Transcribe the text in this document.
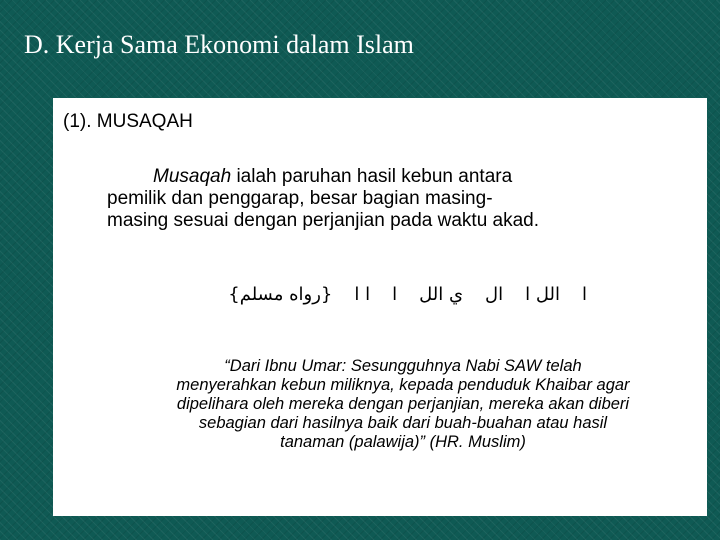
D. Kerja Sama Ekonomi dalam Islam
(1). MUSAQAH

Musaqah ialah paruhan hasil kebun antara
pemilik dan penggarap, besar bagian masing-
masing sesuai dengan perjanjian pada waktu akad.

االل االي اللاا ا{رواه مسلم}

“Dari Ibnu Umar: Sesungguhnya Nabi SAW telah
menyerahkan kebun miliknya, kepada penduduk Khaibar agar
dipelihara oleh mereka dengan perjanjian, mereka akan diberi
sebagian dari hasilnya baik dari buah-buahan atau hasil
tanaman (palawija)” (HR. Muslim)
